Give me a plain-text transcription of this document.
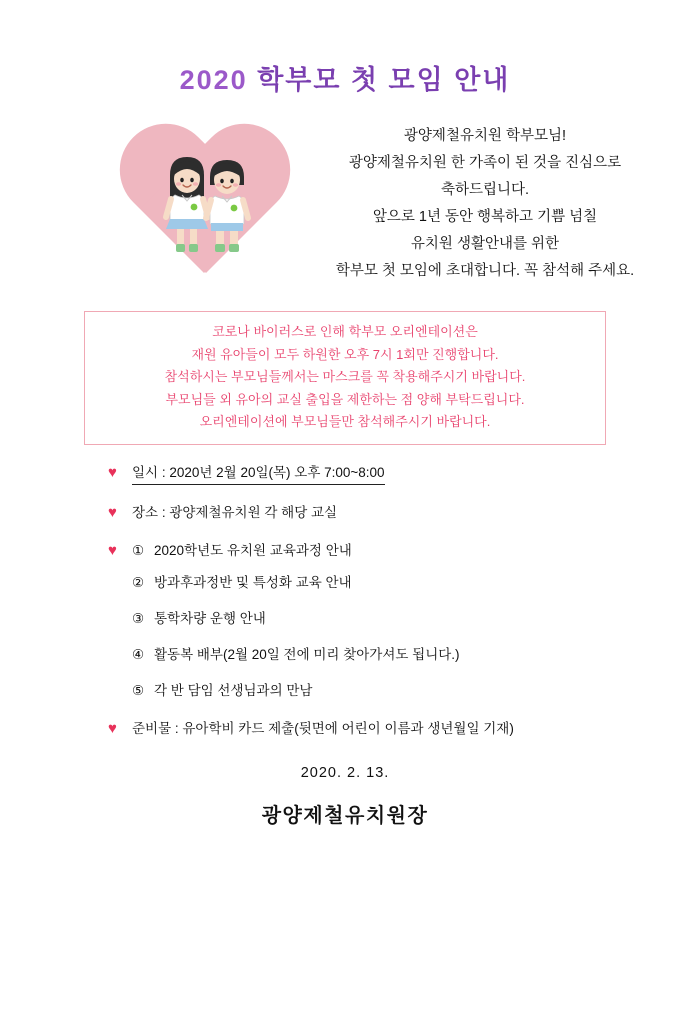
2020 학부모 첫 모임 안내
광양제철유치원 학부모님!
광양제철유치원 한 가족이 된 것을 진심으로
축하드립니다.
앞으로 1년 동안 행복하고 기쁨 넘칠
유치원 생활안내를 위한
학부모 첫 모임에 초대합니다. 꼭 참석해 주세요.
코로나 바이러스로 인해 학부모 오리엔테이션은
재원 유아들이 모두 하원한 오후 7시 1회만 진행합니다.
참석하시는 부모님들께서는 마스크를 꼭 착용해주시기 바랍니다.
부모님들 외 유아의 교실 출입을 제한하는 점 양해 부탁드립니다.
오리엔테이션에 부모님들만 참석해주시기 바랍니다.
♥	일시 : 2020년 2월 20일(목) 오후 7:00~8:00
♥	장소 : 광양제철유치원 각 해당 교실
♥	① 2020학년도 유치원 교육과정 안내
② 방과후과정반 및 특성화 교육 안내
③ 통학차량 운행 안내
④ 활동복 배부(2월 20일 전에 미리 찾아가셔도 됩니다.)
⑤ 각 반 담임 선생님과의 만남
♥	준비물 : 유아학비 카드 제출(뒷면에 어린이 이름과 생년월일 기재)
2020. 2. 13.
광양제철유치원장
